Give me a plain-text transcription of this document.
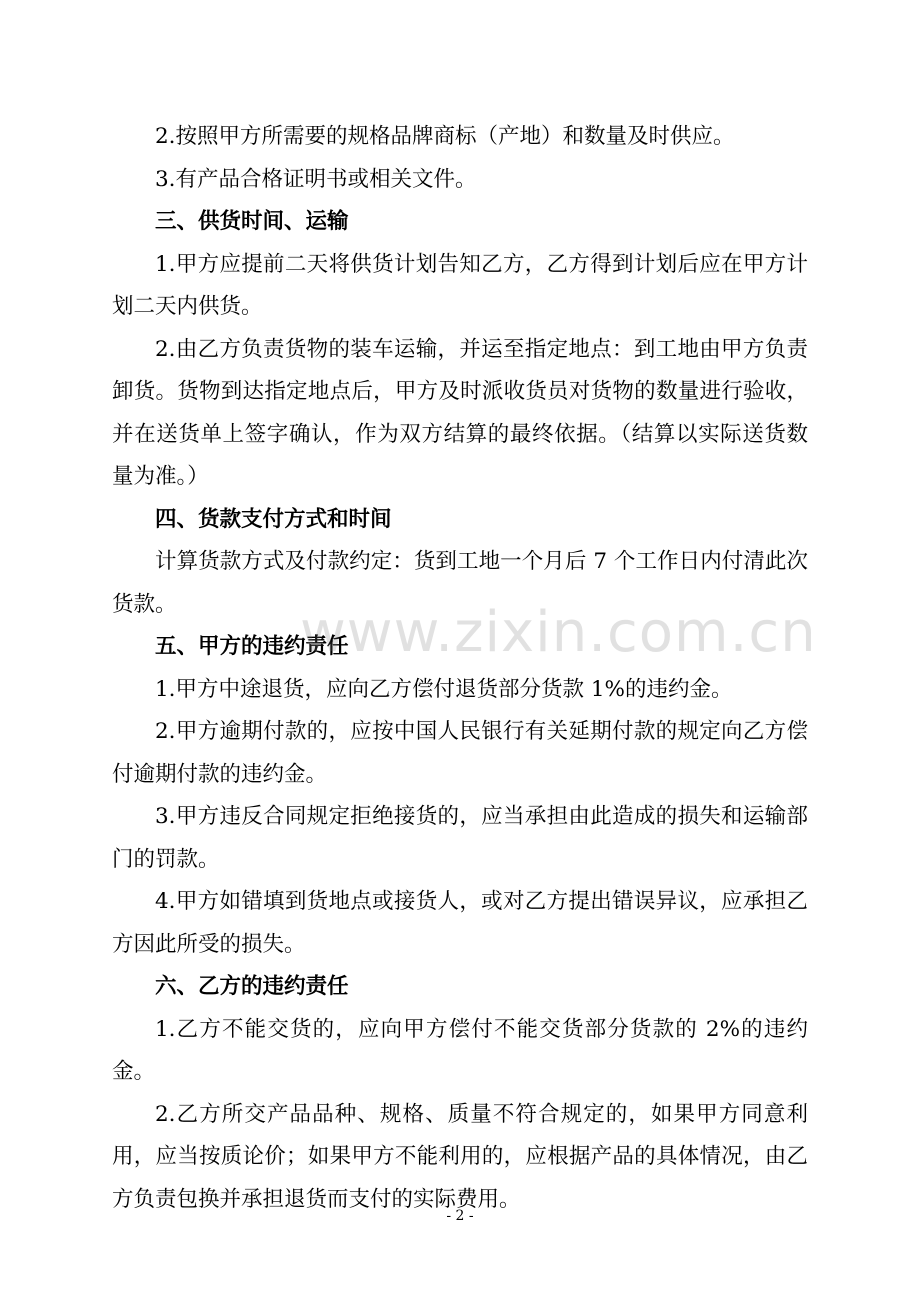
2.按照甲方所需要的规格品牌商标（产地）和数量及时供应。

3.有产品合格证明书或相关文件。

三、供货时间、运输

1.甲方应提前二天将供货计划告知乙方，乙方得到计划后应在甲方计划二天内供货。

2.由乙方负责货物的装车运输，并运至指定地点：到工地由甲方负责卸货。货物到达指定地点后，甲方及时派收货员对货物的数量进行验收，并在送货单上签字确认，作为双方结算的最终依据。（结算以实际送货数量为准。）

四、货款支付方式和时间

计算货款方式及付款约定：货到工地一个月后 7 个工作日内付清此次货款。

五、甲方的违约责任

1.甲方中途退货，应向乙方偿付退货部分货款 1%的违约金。

2.甲方逾期付款的，应按中国人民银行有关延期付款的规定向乙方偿付逾期付款的违约金。

3.甲方违反合同规定拒绝接货的，应当承担由此造成的损失和运输部门的罚款。

4.甲方如错填到货地点或接货人，或对乙方提出错误异议，应承担乙方因此所受的损失。

六、乙方的违约责任

1.乙方不能交货的，应向甲方偿付不能交货部分货款的 2%的违约金。

2.乙方所交产品品种、规格、质量不符合规定的，如果甲方同意利用，应当按质论价；如果甲方不能利用的，应根据产品的具体情况，由乙方负责包换并承担退货而支付的实际费用。

www.zixin.com.cn
- 2 -
